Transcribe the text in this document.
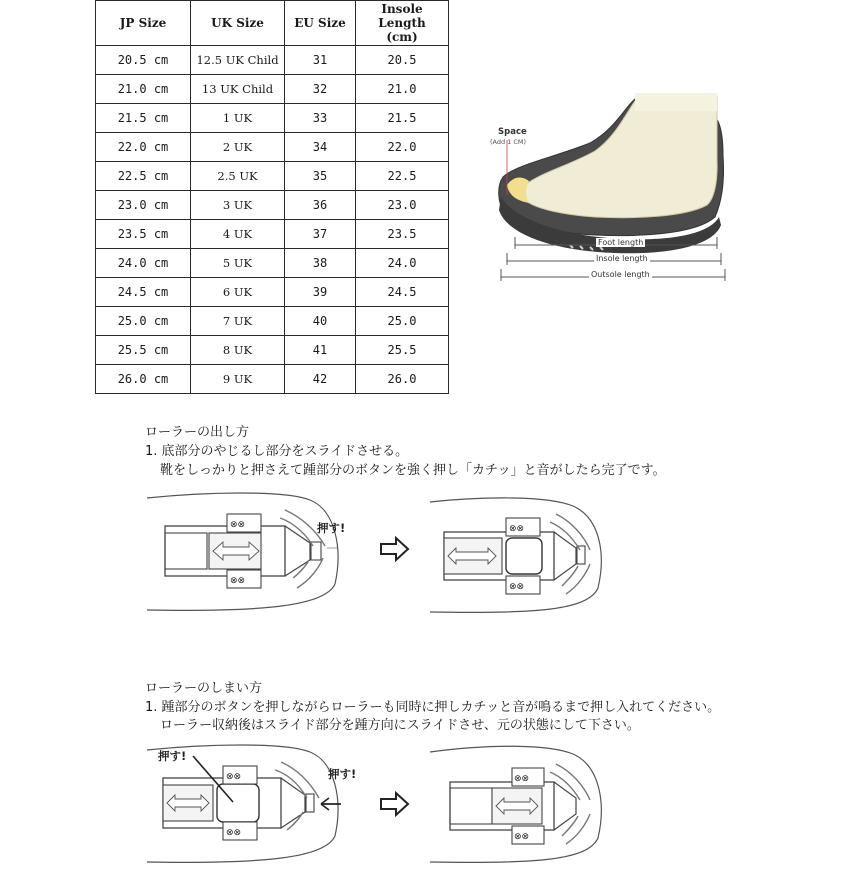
JP Size	UK Size	EU Size	Insole Length
(cm)
20.5 cm	12.5 UK Child	31	20.5
21.0 cm	13 UK Child	32	21.0
21.5 cm	1 UK	33	21.5
22.0 cm	2 UK	34	22.0
22.5 cm	2.5 UK	35	22.5
23.0 cm	3 UK	36	23.0
23.5 cm	4 UK	37	23.5
24.0 cm	5 UK	38	24.0
24.5 cm	6 UK	39	24.5
25.0 cm	7 UK	40	25.0
25.5 cm	8 UK	41	25.5
26.0 cm	9 UK	42	26.0
Space
(Add 1 CM)
Foot length
Insole length
Outsole length
ローラーの出し方
1. 底部分のやじるし部分をスライドさせる。
靴をしっかりと押さえて踵部分のボタンを強く押し「カチッ」と音がしたら完了です。
⊗⊗
⊗⊗
押す!	⊗⊗
⊗⊗
ローラーのしまい方
1. 踵部分のボタンを押しながらローラーも同時に押しカチッと音が鳴るまで押し入れてください。
ローラー収納後はスライド部分を踵方向にスライドさせ、元の状態にして下さい。
⊗⊗
⊗⊗
押す!
押す!	⊗⊗
⊗⊗
